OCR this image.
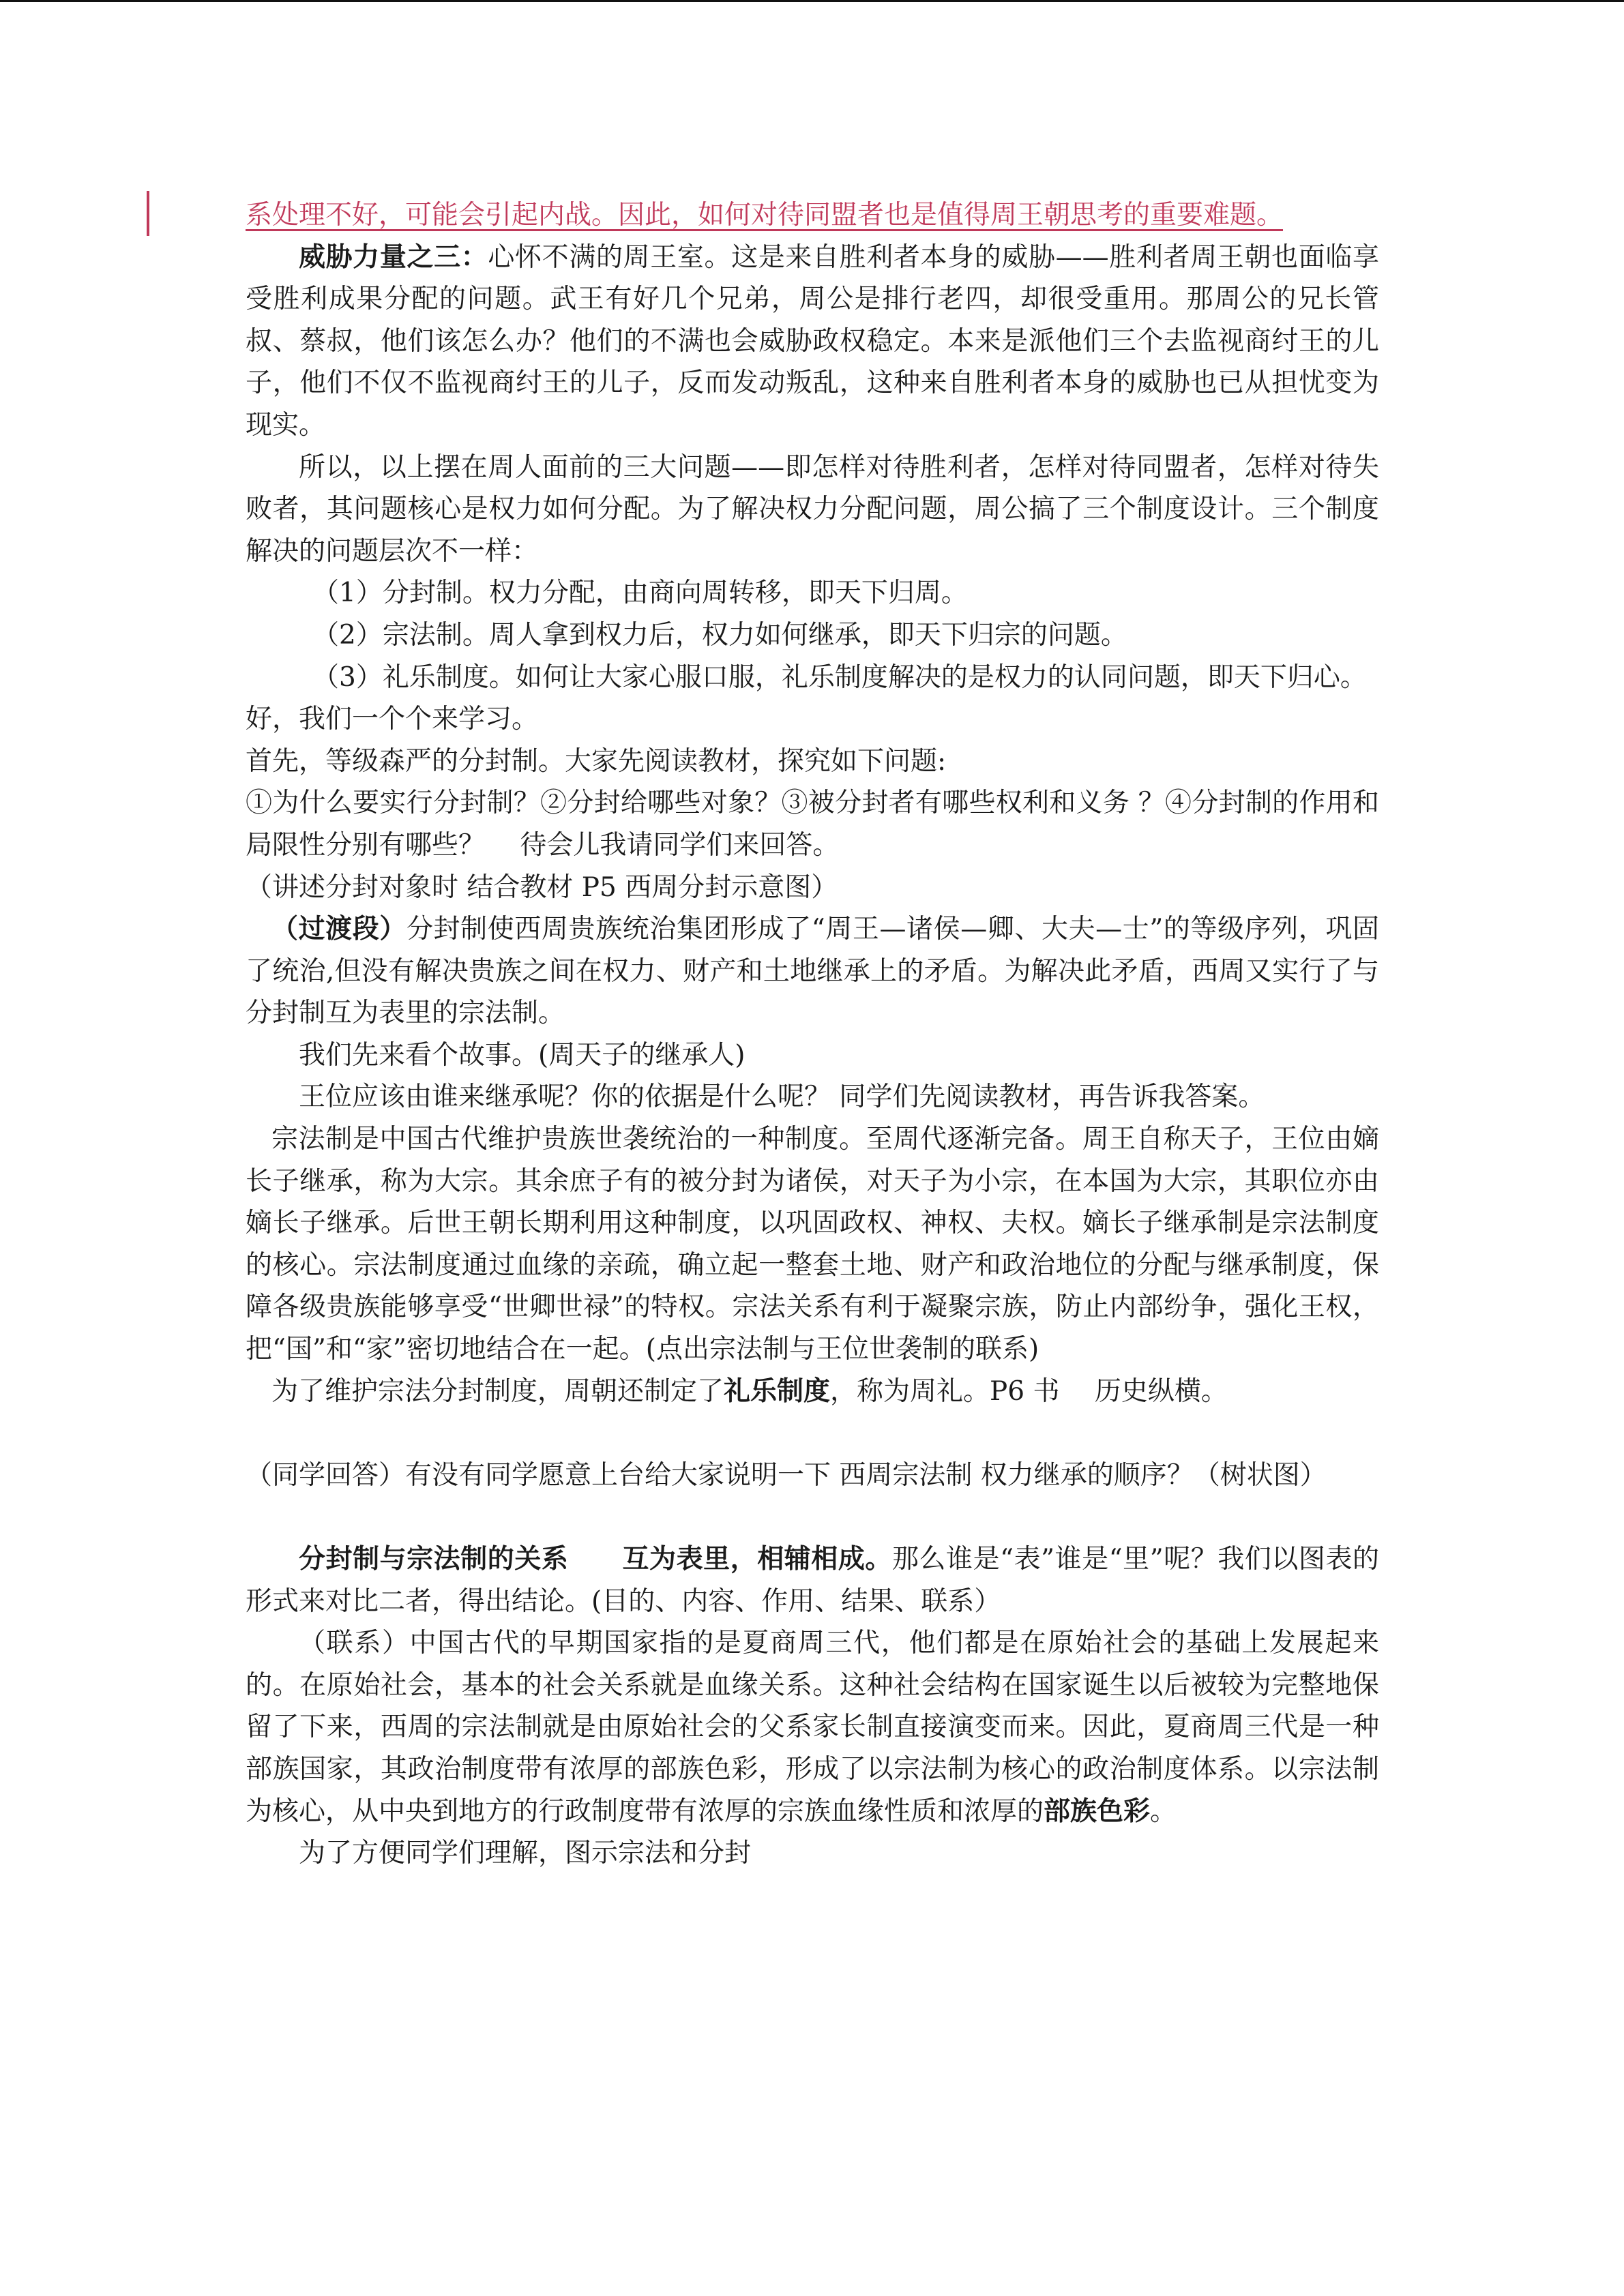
系处理不好，可能会引起内战。因此，如何对待同盟者也是值得周王朝思考的重要难题。

威胁力量之三：心怀不满的周王室。这是来自胜利者本身的威胁——胜利者周王朝也面临享受胜利成果分配的问题。武王有好几个兄弟，周公是排行老四，却很受重用。那周公的兄长管叔、蔡叔，他们该怎么办？他们的不满也会威胁政权稳定。本来是派他们三个去监视商纣王的儿子，他们不仅不监视商纣王的儿子，反而发动叛乱，这种来自胜利者本身的威胁也已从担忧变为现实。

所以，以上摆在周人面前的三大问题——即怎样对待胜利者，怎样对待同盟者，怎样对待失败者，其问题核心是权力如何分配。为了解决权力分配问题，周公搞了三个制度设计。三个制度解决的问题层次不一样：

（1）分封制。权力分配，由商向周转移，即天下归周。

（2）宗法制。周人拿到权力后，权力如何继承，即天下归宗的问题。

（3）礼乐制度。如何让大家心服口服，礼乐制度解决的是权力的认同问题，即天下归心。

好，我们一个个来学习。

首先，等级森严的分封制。大家先阅读教材，探究如下问题:

①为什么要实行分封制？②分封给哪些对象？③被分封者有哪些权利和义务 ？④分封制的作用和局限性分别有哪些？　 待会儿我请同学们来回答。

（讲述分封对象时 结合教材 P5 西周分封示意图）

（过渡段）分封制使西周贵族统治集团形成了“周王—诸侯—卿、大夫—士”的等级序列，巩固了统治,但没有解决贵族之间在权力、财产和土地继承上的矛盾。为解决此矛盾，西周又实行了与分封制互为表里的宗法制。

我们先来看个故事。(周天子的继承人)

王位应该由谁来继承呢？你的依据是什么呢？ 同学们先阅读教材，再告诉我答案。

宗法制是中国古代维护贵族世袭统治的一种制度。至周代逐渐完备。周王自称天子，王位由嫡长子继承，称为大宗。其余庶子有的被分封为诸侯，对天子为小宗，在本国为大宗，其职位亦由嫡长子继承。后世王朝长期利用这种制度，以巩固政权、神权、夫权。嫡长子继承制是宗法制度的核心。宗法制度通过血缘的亲疏，确立起一整套土地、财产和政治地位的分配与继承制度，保障各级贵族能够享受“世卿世禄”的特权。宗法关系有利于凝聚宗族，防止内部纷争，强化王权，把“国”和“家”密切地结合在一起。(点出宗法制与王位世袭制的联系)

为了维护宗法分封制度，周朝还制定了礼乐制度，称为周礼。P6 书　 历史纵横。

（同学回答）有没有同学愿意上台给大家说明一下 西周宗法制 权力继承的顺序？（树状图）

分封制与宗法制的关系　　互为表里，相辅相成。那么谁是“表”谁是“里”呢？我们以图表的形式来对比二者，得出结论。(目的、内容、作用、结果、联系）

（联系）中国古代的早期国家指的是夏商周三代，他们都是在原始社会的基础上发展起来的。在原始社会，基本的社会关系就是血缘关系。这种社会结构在国家诞生以后被较为完整地保留了下来，西周的宗法制就是由原始社会的父系家长制直接演变而来。因此，夏商周三代是一种部族国家，其政治制度带有浓厚的部族色彩，形成了以宗法制为核心的政治制度体系。以宗法制为核心，从中央到地方的行政制度带有浓厚的宗族血缘性质和浓厚的部族色彩。

为了方便同学们理解，图示宗法和分封
